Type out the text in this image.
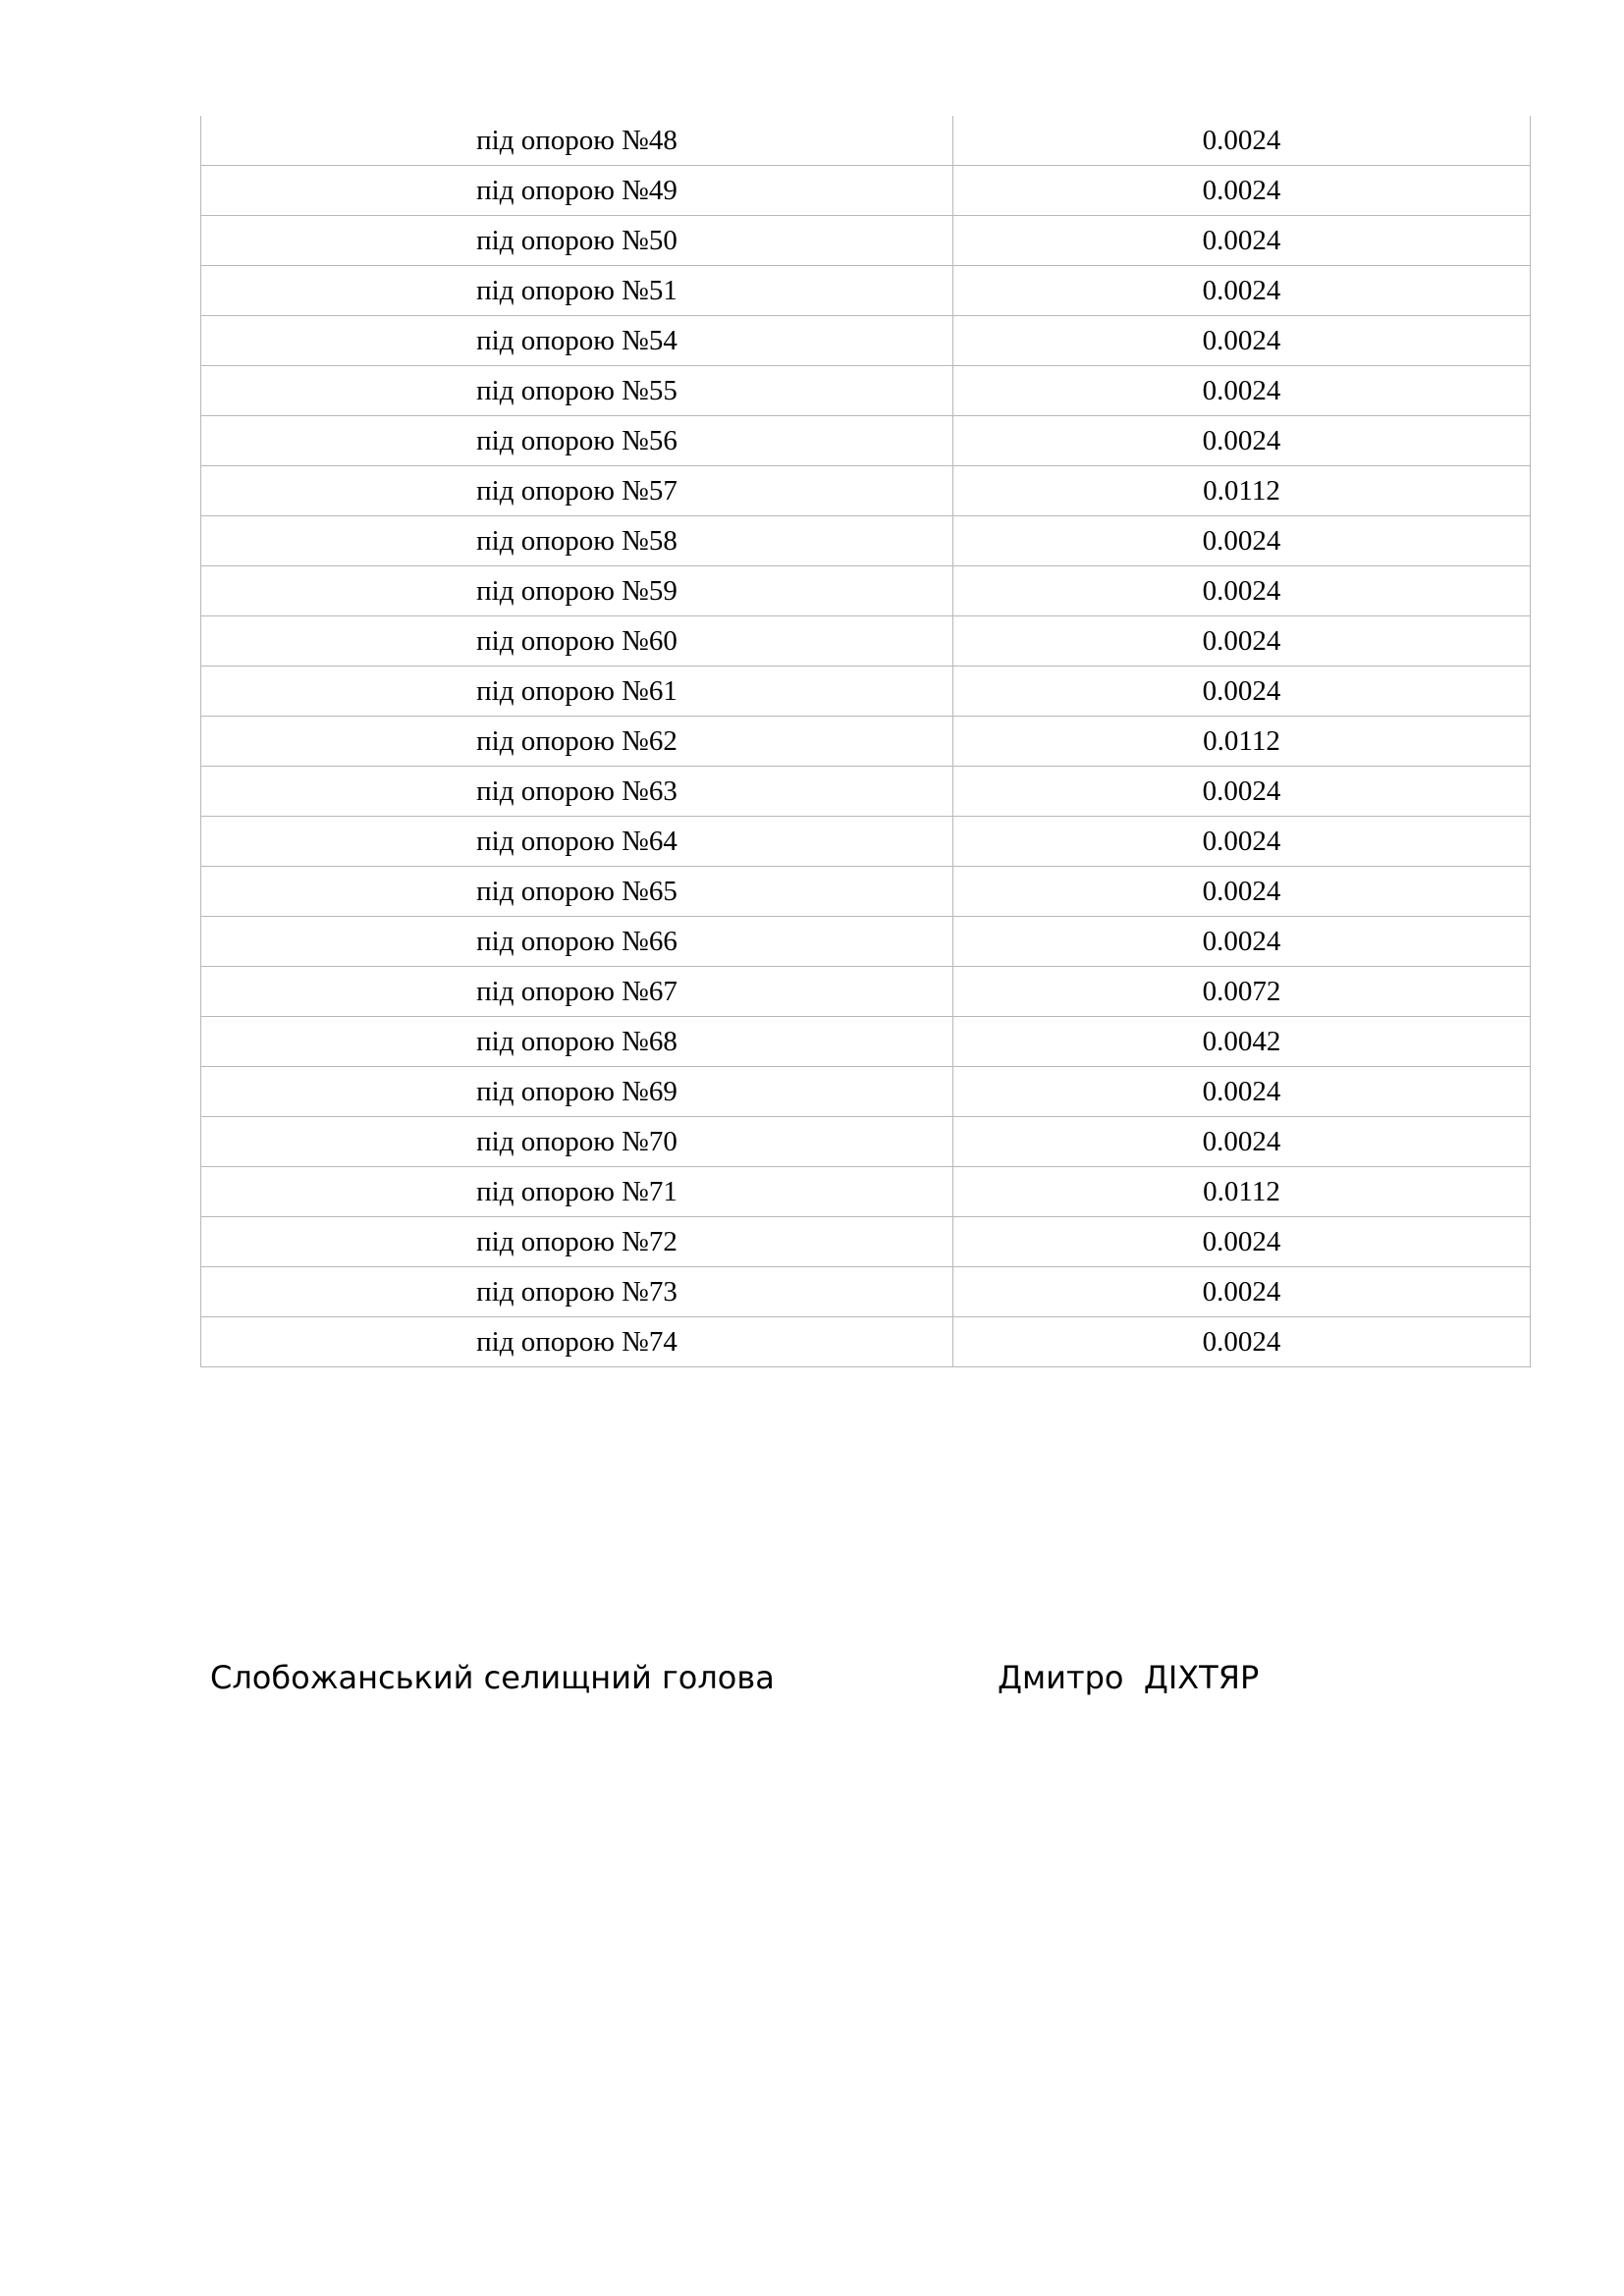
під опорою №48	0.0024
під опорою №49	0.0024
під опорою №50	0.0024
під опорою №51	0.0024
під опорою №54	0.0024
під опорою №55	0.0024
під опорою №56	0.0024
під опорою №57	0.0112
під опорою №58	0.0024
під опорою №59	0.0024
під опорою №60	0.0024
під опорою №61	0.0024
під опорою №62	0.0112
під опорою №63	0.0024
під опорою №64	0.0024
під опорою №65	0.0024
під опорою №66	0.0024
під опорою №67	0.0072
під опорою №68	0.0042
під опорою №69	0.0024
під опорою №70	0.0024
під опорою №71	0.0112
під опорою №72	0.0024
під опорою №73	0.0024
під опорою №74	0.0024
Слобожанський селищний голова	Дмитро  ДІХТЯР
